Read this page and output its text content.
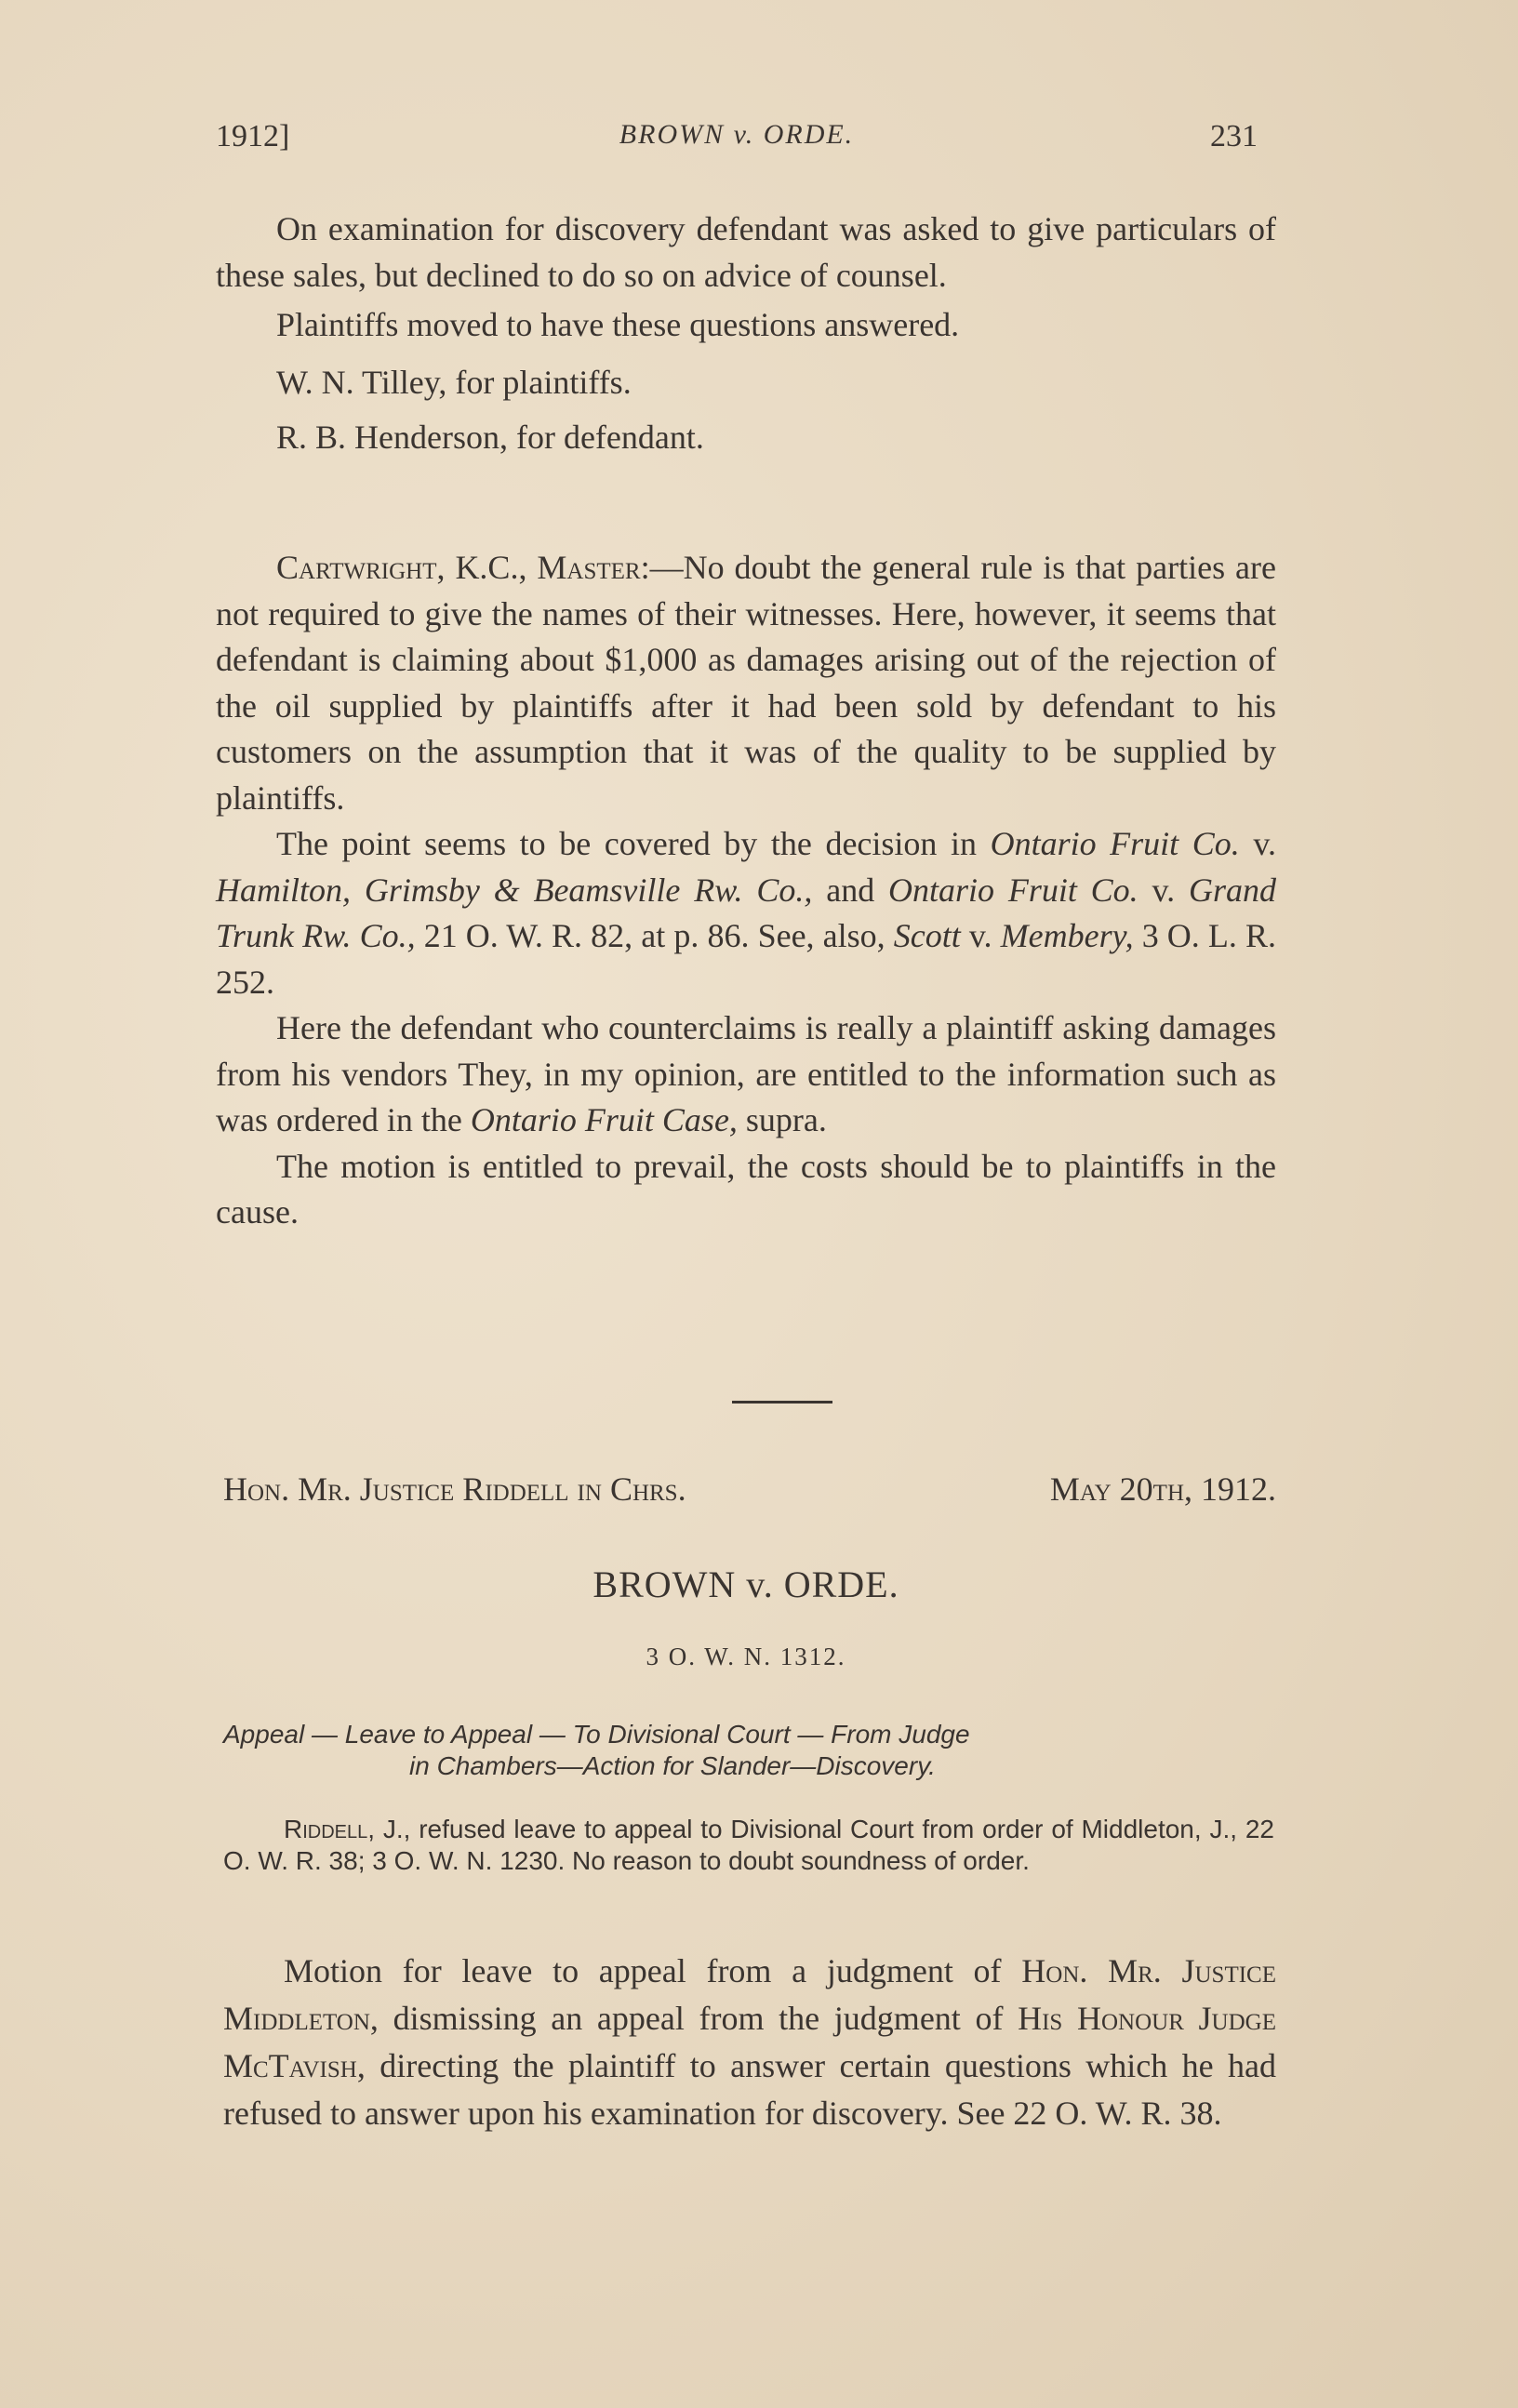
1912]	BROWN v. ORDE.	231

On examination for discovery defendant was asked to give particulars of these sales, but declined to do so on advice of counsel.

Plaintiffs moved to have these questions answered.

W. N. Tilley, for plaintiffs.

R. B. Henderson, for defendant.

Cartwright, K.C., Master:—No doubt the general rule is that parties are not required to give the names of their witnesses. Here, however, it seems that defendant is claiming about $1,000 as damages arising out of the rejection of the oil supplied by plaintiffs after it had been sold by defendant to his customers on the assumption that it was of the quality to be supplied by plaintiffs.

The point seems to be covered by the decision in Ontario Fruit Co. v. Hamilton, Grimsby & Beamsville Rw. Co., and Ontario Fruit Co. v. Grand Trunk Rw. Co., 21 O. W. R. 82, at p. 86. See, also, Scott v. Membery, 3 O. L. R. 252.

Here the defendant who counterclaims is really a plaintiff asking damages from his vendors They, in my opinion, are entitled to the information such as was ordered in the Ontario Fruit Case, supra.

The motion is entitled to prevail, the costs should be to plaintiffs in the cause.

Hon. Mr. Justice Riddell in Chrs.	May 20th, 1912.
BROWN v. ORDE.
3 O. W. N. 1312.
Appeal — Leave to Appeal — To Divisional Court — From Judge
in Chambers—Action for Slander—Discovery.
Riddell, J., refused leave to appeal to Divisional Court from order of Middleton, J., 22 O. W. R. 38; 3 O. W. N. 1230. No reason to doubt soundness of order.

Motion for leave to appeal from a judgment of Hon. Mr. Justice Middleton, dismissing an appeal from the judgment of His Honour Judge McTavish, directing the plaintiff to answer certain questions which he had refused to answer upon his examination for discovery. See 22 O. W. R. 38.
